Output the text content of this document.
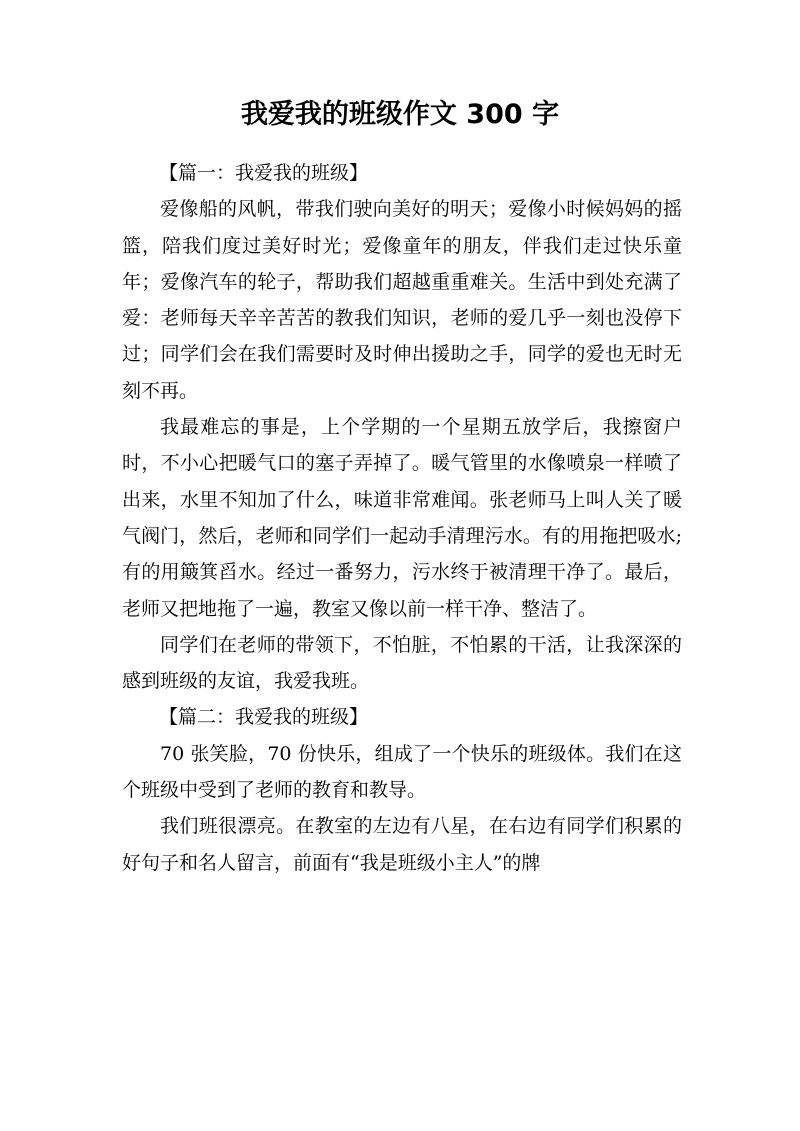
我爱我的班级作文 300 字

【篇一：我爱我的班级】

爱像船的风帆，带我们驶向美好的明天；爱像小时候妈妈的摇篮，陪我们度过美好时光；爱像童年的朋友，伴我们走过快乐童年；爱像汽车的轮子，帮助我们超越重重难关。生活中到处充满了爱：老师每天辛辛苦苦的教我们知识，老师的爱几乎一刻也没停下过；同学们会在我们需要时及时伸出援助之手，同学的爱也无时无刻不再。

我最难忘的事是，上个学期的一个星期五放学后，我擦窗户时，不小心把暖气口的塞子弄掉了。暖气管里的水像喷泉一样喷了出来，水里不知加了什么，味道非常难闻。张老师马上叫人关了暖气阀门，然后，老师和同学们一起动手清理污水。有的用拖把吸水;有的用簸箕舀水。经过一番努力，污水终于被清理干净了。最后，老师又把地拖了一遍，教室又像以前一样干净、整洁了。

同学们在老师的带领下，不怕脏，不怕累的干活，让我深深的感到班级的友谊，我爱我班。

【篇二：我爱我的班级】

70 张笑脸，70 份快乐，组成了一个快乐的班级体。我们在这个班级中受到了老师的教育和教导。

我们班很漂亮。在教室的左边有八星，在右边有同学们积累的好句子和名人留言，前面有“我是班级小主人”的牌
